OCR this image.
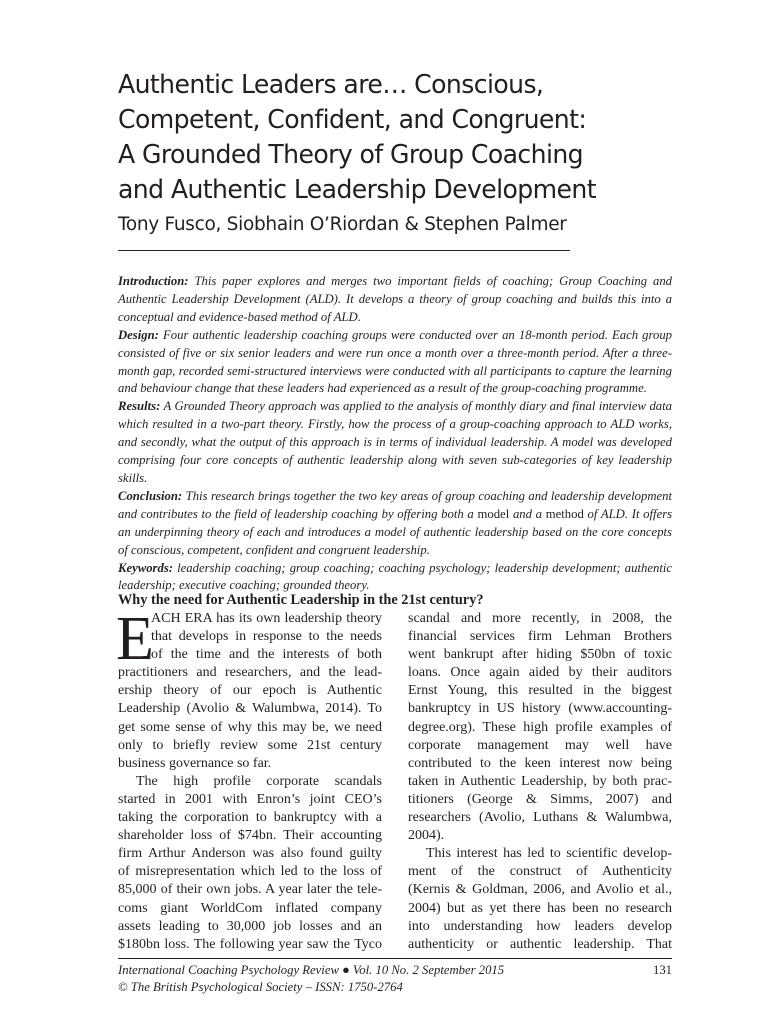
Authentic Leaders are… Conscious,
Competent, Confident, and Congruent:
A Grounded Theory of Group Coaching
and Authentic Leadership Development
Tony Fusco, Siobhain O’Riordan & Stephen Palmer

Introduction: This paper explores and merges two important fields of coaching; Group Coaching and Authentic Leadership Development (ALD). It develops a theory of group coaching and builds this into a conceptual and evidence-based method of ALD.

Design: Four authentic leadership coaching groups were conducted over an 18-month period. Each group consisted of five or six senior leaders and were run once a month over a three-month period. After a three-month gap, recorded semi-structured interviews were conducted with all participants to capture the learning and behaviour change that these leaders had experienced as a result of the group-coaching programme.

Results: A Grounded Theory approach was applied to the analysis of monthly diary and final interview data which resulted in a two-part theory. Firstly, how the process of a group-coaching approach to ALD works, and secondly, what the output of this approach is in terms of individual leadership. A model was developed comprising four core concepts of authentic leadership along with seven sub-categories of key leadership skills.

Conclusion: This research brings together the two key areas of group coaching and leadership development and contributes to the field of leadership coaching by offering both a model and a method of ALD. It offers an underpinning theory of each and introduces a model of authentic leadership based on the core concepts of conscious, competent, confident and congruent leadership.

Keywords: leadership coaching; group coaching; coaching psychology; leadership development; authentic leadership; executive coaching; grounded theory.

Why the need for Authentic Leadership in the 21st century?
E
ACH ERA has its own leadership theory
that develops in response to the needs
of the time and the interests of both
practitioners and researchers, and the lead-
ership theory of our epoch is Authentic
Leadership (Avolio & Walumbwa, 2014). To
get some sense of why this may be, we need
only to briefly review some 21st century
business governance so far.
The high profile corporate scandals
started in 2001 with Enron’s joint CEO’s
taking the corporation to bankruptcy with a
shareholder loss of $74bn. Their accounting
firm Arthur Anderson was also found guilty
of misrepresentation which led to the loss of
85,000 of their own jobs. A year later the tele-
coms giant WorldCom inflated company
assets leading to 30,000 job losses and an
$180bn loss. The following year saw the Tyco
scandal and more recently, in 2008, the
financial services firm Lehman Brothers
went bankrupt after hiding $50bn of toxic
loans. Once again aided by their auditors
Ernst Young, this resulted in the biggest
bankruptcy in US history (www.accounting-
degree.org). These high profile examples of
corporate management may well have
contributed to the keen interest now being
taken in Authentic Leadership, by both prac-
titioners (George & Simms, 2007) and
researchers (Avolio, Luthans & Walumbwa,
2004).
This interest has led to scientific develop-
ment of the construct of Authenticity
(Kernis & Goldman, 2006, and Avolio et al.,
2004) but as yet there has been no research
into understanding how leaders develop
authenticity or authentic leadership. That
International Coaching Psychology Review ● Vol. 10 No. 2 September 2015
© The British Psychological Society – ISSN: 1750-2764
131
